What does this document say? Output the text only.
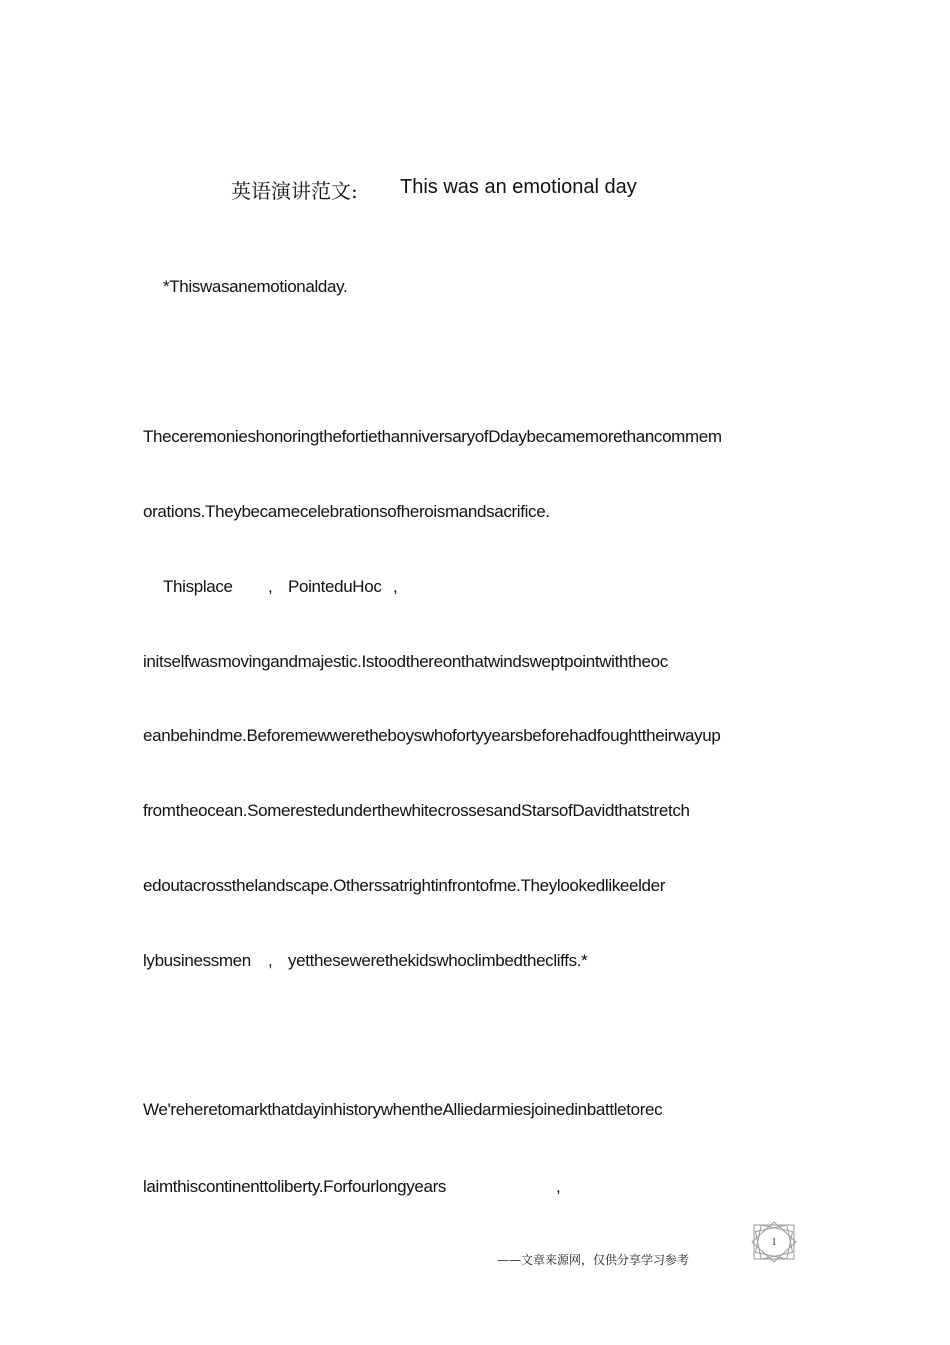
英语演讲范文: This was an emotional day
*Thiswasanemotionalday.
TheceremonieshonoringthefortiethanniversaryofDdaybecamemorethancommem
orations.Theybecamecelebrationsofheroismandsacrifice.
Thisplace , PointeduHoc ,
initselfwasmovingandmajestic.Istoodthereonthatwindsweptpointwiththeoc
eanbehindme.Beforemewweretheboyswhofortyyearsbeforehadfoughttheirwayup
fromtheocean.SomerestedunderthewhitecrossesandStarsofDavidthatstretch
edoutacrossthelandscape.Otherssatrightinfrontofme.Theylookedlikeelder
lybusinessmen , yetthesewerethekidswhoclimbedthecliffs.*
We'reheretomarkthatdayinhistorywhentheAlliedarmiesjoinedinbattletorec
laimthiscontinenttoliberty.Forfourlongyears	,
——文章来源网，仅供分享学习参考
1
